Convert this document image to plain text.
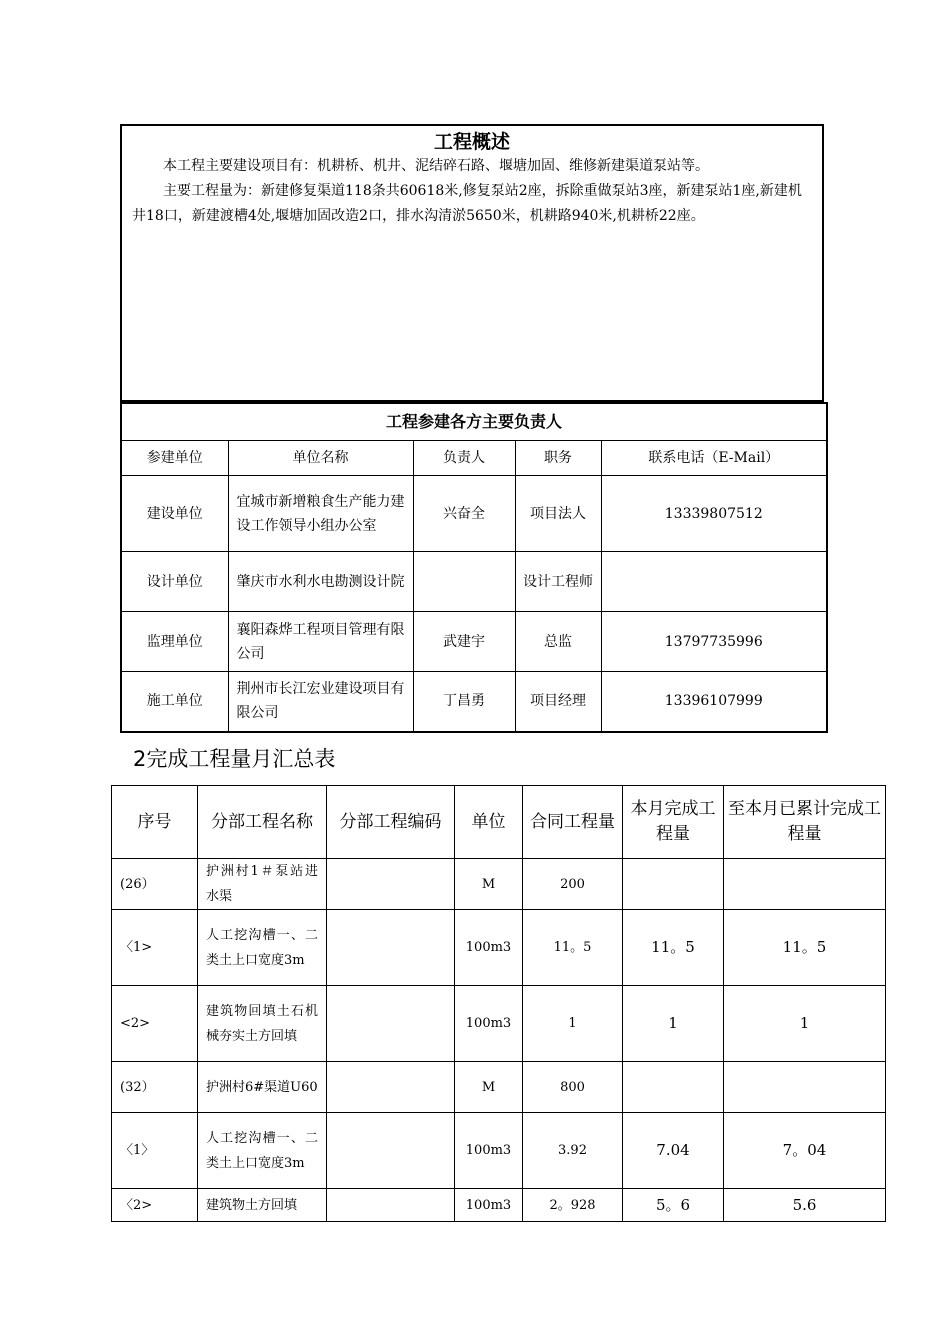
工程概述

本工程主要建设项目有：机耕桥、机井、泥结碎石路、堰塘加固、维修新建渠道泵站等。

主要工程量为：新建修复渠道118条共60618米,修复泵站2座，拆除重做泵站3座，新建泵站1座,新建机井18口，新建渡槽4处,堰塘加固改造2口，排水沟清淤5650米，机耕路940米,机耕桥22座。

工程参建各方主要负责人				
参建单位	单位名称	负责人	职务	联系电话（E-Mail）
建设单位	宜城市新增粮食生产能力建设工作领导小组办公室	兴奋全	项目法人	13339807512
设计单位	肇庆市水利水电勘测设计院		设计工程师	
监理单位	襄阳森烨工程项目管理有限公司	武建宇	总监	13797735996
施工单位	荆州市长江宏业建设项目有限公司	丁昌勇	项目经理	13396107999
2完成工程量月汇总表
序号	分部工程名称	分部工程编码	单位	合同工程量	本月完成工程量	至本月已累计完成工程量
(26）	护洲村1＃泵站进水渠		M	200		
〈1>	人工挖沟槽一、二类土上口宽度3m		100m3	11。5	11。5	11。5
<2>	建筑物回填土石机械夯实土方回填		100m3	1	1	1
(32）	护洲村6#渠道U60		M	800		
〈1〉	人工挖沟槽一、二类土上口宽度3m		100m3	3.92	7.04	7。04
〈2>	建筑物土方回填		100m3	2。928	5。6	5.6
